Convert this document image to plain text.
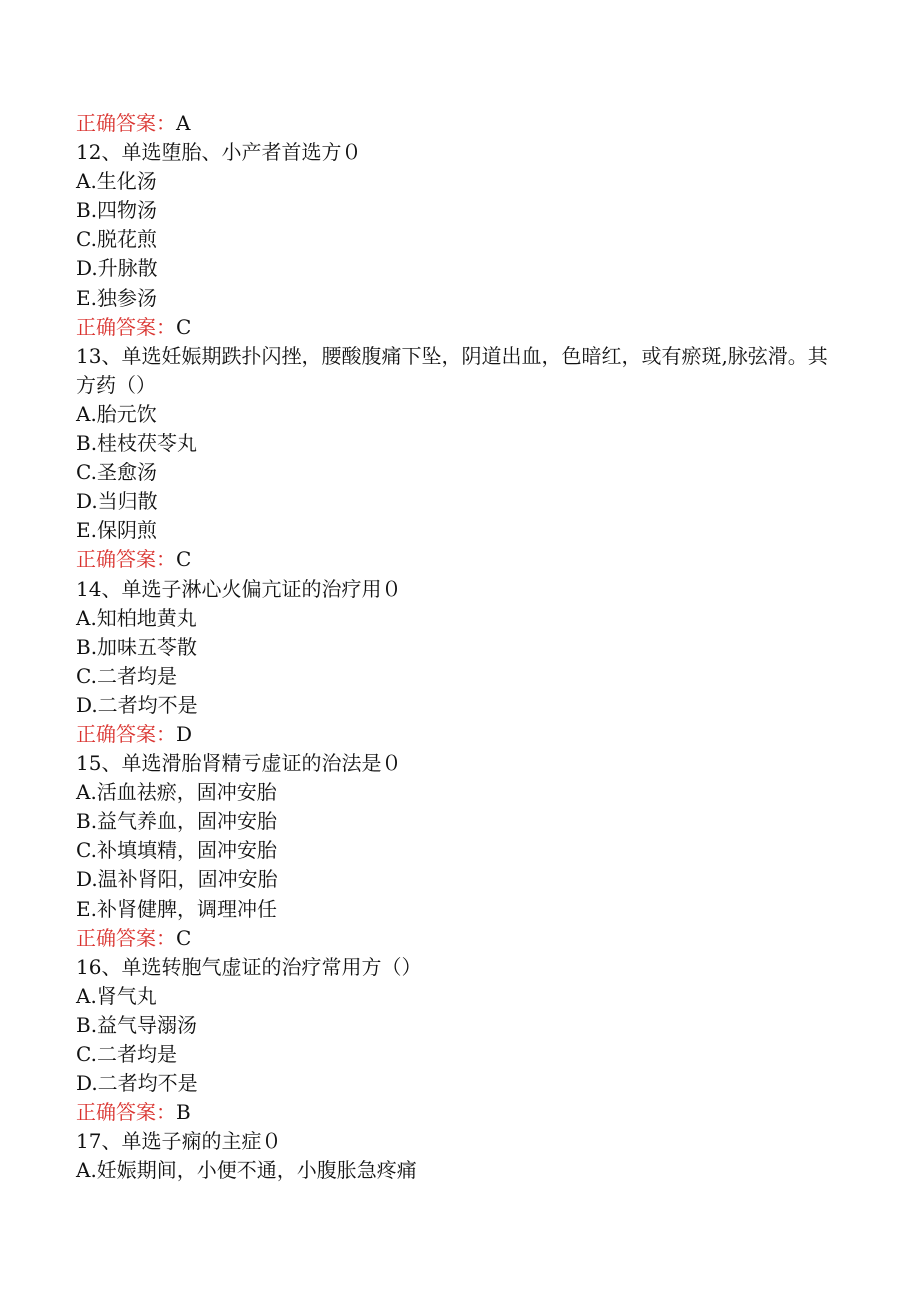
正确答案：A
12、单选堕胎、小产者首选方０
A.生化汤
B.四物汤
C.脱花煎
D.升脉散
E.独参汤
正确答案：C
13、单选妊娠期跌扑闪挫，腰酸腹痛下坠，阴道出血，色暗红，或有瘀斑,脉弦滑。其方药（）
A.胎元饮
B.桂枝茯苓丸
C.圣愈汤
D.当归散
E.保阴煎
正确答案：C
14、单选子淋心火偏亢证的治疗用０
A.知柏地黄丸
B.加味五苓散
C.二者均是
D.二者均不是
正确答案：D
15、单选滑胎肾精亏虚证的治法是０
A.活血祛瘀，固冲安胎
B.益气养血，固冲安胎
C.补填填精，固冲安胎
D.温补肾阳，固冲安胎
E.补肾健脾，调理冲任
正确答案：C
16、单选转胞气虚证的治疗常用方（）
A.肾气丸
B.益气导溺汤
C.二者均是
D.二者均不是
正确答案：B
17、单选子痫的主症０
A.妊娠期间，小便不通，小腹胀急疼痛
